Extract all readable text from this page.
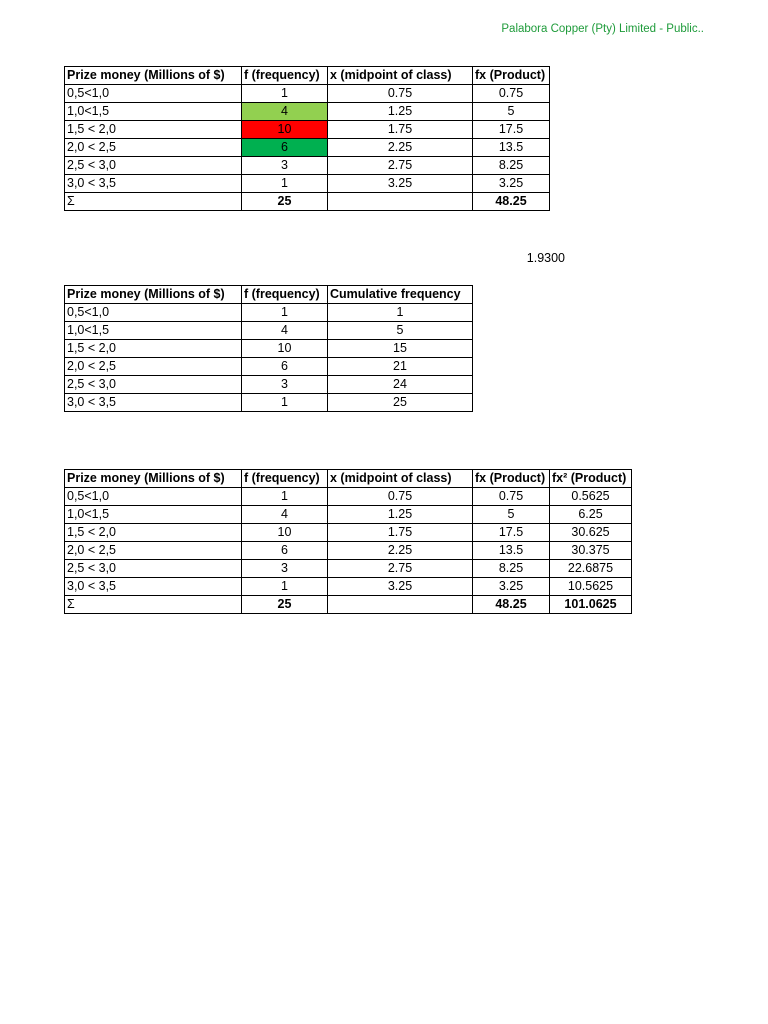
Palabora Copper (Pty) Limited - Public..
Prize money (Millions of $)	f (frequency)	x (midpoint of class)	fx (Product)
0,5<1,0	1	0.75	0.75
1,0<1,5	4	1.25	5
1,5 < 2,0	10	1.75	17.5
2,0 < 2,5	6	2.25	13.5
2,5 < 3,0	3	2.75	8.25
3,0 < 3,5	1	3.25	3.25
Σ	25		48.25
1.9300
Prize money (Millions of $)	f (frequency)	Cumulative frequency
0,5<1,0	1	1
1,0<1,5	4	5
1,5 < 2,0	10	15
2,0 < 2,5	6	21
2,5 < 3,0	3	24
3,0 < 3,5	1	25
Prize money (Millions of $)	f (frequency)	x (midpoint of class)	fx (Product)	fx² (Product)
0,5<1,0	1	0.75	0.75	0.5625
1,0<1,5	4	1.25	5	6.25
1,5 < 2,0	10	1.75	17.5	30.625
2,0 < 2,5	6	2.25	13.5	30.375
2,5 < 3,0	3	2.75	8.25	22.6875
3,0 < 3,5	1	3.25	3.25	10.5625
Σ	25		48.25	101.0625
